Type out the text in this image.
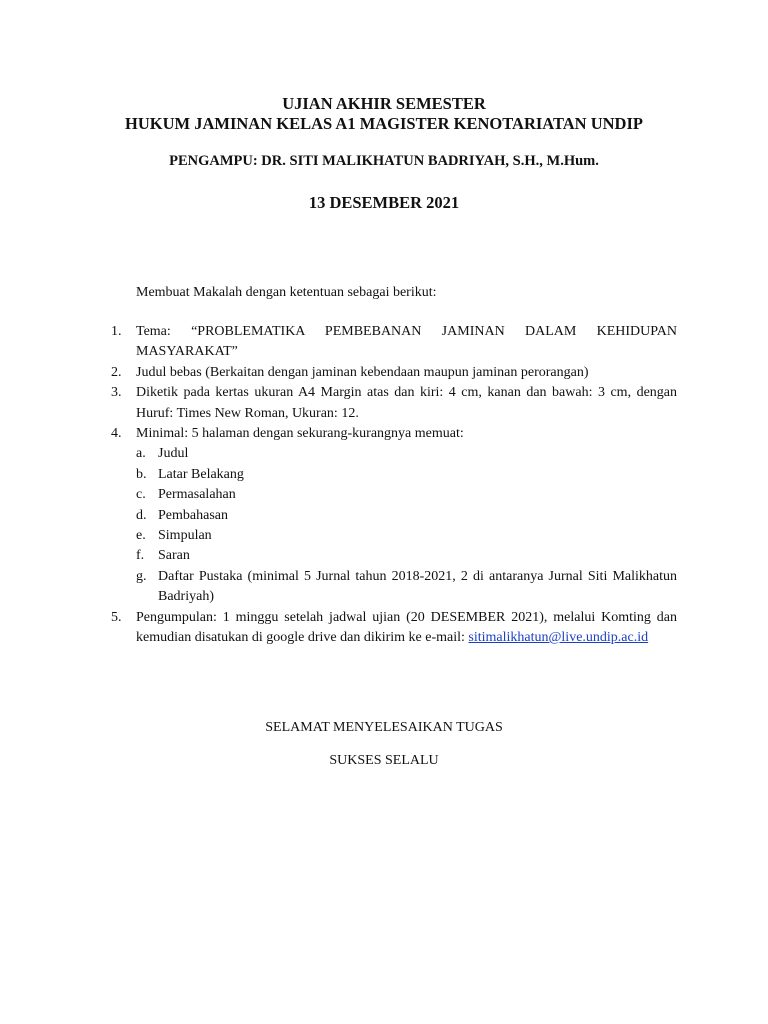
UJIAN AKHIR SEMESTER
HUKUM JAMINAN KELAS A1 MAGISTER KENOTARIATAN UNDIP
PENGAMPU: DR. SITI MALIKHATUN BADRIYAH, S.H., M.Hum.
13 DESEMBER 2021
Membuat Makalah dengan ketentuan sebagai berikut:
1. Tema: “PROBLEMATIKA PEMBEBANAN JAMINAN DALAM KEHIDUPAN MASYARAKAT”
2. Judul bebas (Berkaitan dengan jaminan kebendaan maupun jaminan perorangan)
3. Diketik pada kertas ukuran A4 Margin atas dan kiri: 4 cm, kanan dan bawah: 3 cm, dengan Huruf: Times New Roman, Ukuran: 12.
4. Minimal: 5 halaman dengan sekurang-kurangnya memuat:
a. Judul
b. Latar Belakang
c. Permasalahan
d. Pembahasan
e. Simpulan
f. Saran
g. Daftar Pustaka (minimal 5 Jurnal tahun 2018-2021, 2 di antaranya Jurnal Siti Malikhatun Badriyah)
5. Pengumpulan: 1 minggu setelah jadwal ujian (20 DESEMBER 2021), melalui Komting dan kemudian disatukan di google drive dan dikirim ke e-mail: sitimalikhatun@live.undip.ac.id
SELAMAT MENYELESAIKAN TUGAS
SUKSES SELALU
